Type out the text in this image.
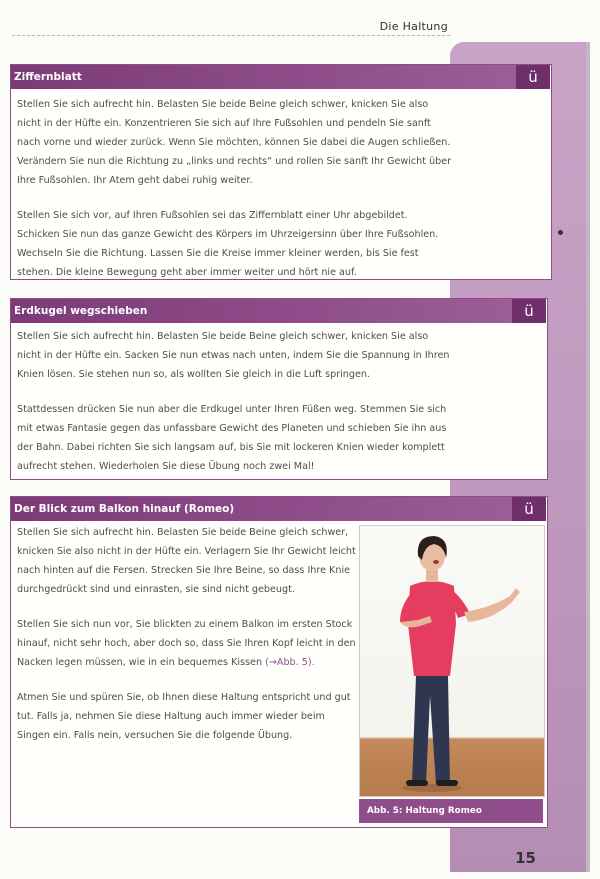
Die Haltung
Ziffernblatt	ü

Stellen Sie sich aufrecht hin. Belasten Sie beide Beine gleich schwer, knicken Sie also nicht in der Hüfte ein. Konzentrieren Sie sich auf Ihre Fußsohlen und pendeln Sie sanft nach vorne und wieder zurück. Wenn Sie möchten, können Sie dabei die Augen schließen. Verändern Sie nun die Richtung zu „links und rechts“ und rollen Sie sanft Ihr Gewicht über Ihre Fußsohlen. Ihr Atem geht dabei ruhig weiter.

Stellen Sie sich vor, auf Ihren Fußsohlen sei das Ziffernblatt einer Uhr abgebildet. Schicken Sie nun das ganze Gewicht des Körpers im Uhrzeigersinn über Ihre Fußsohlen. Wechseln Sie die Richtung. Lassen Sie die Kreise immer kleiner werden, bis Sie fest stehen. Die kleine Bewegung geht aber immer weiter und hört nie auf.

Erdkugel wegschieben	ü

Stellen Sie sich aufrecht hin. Belasten Sie beide Beine gleich schwer, knicken Sie also nicht in der Hüfte ein. Sacken Sie nun etwas nach unten, indem Sie die Spannung in Ihren Knien lösen. Sie stehen nun so, als wollten Sie gleich in die Luft springen.

Stattdessen drücken Sie nun aber die Erdkugel unter Ihren Füßen weg. Stemmen Sie sich mit etwas Fantasie gegen das unfassbare Gewicht des Planeten und schieben Sie ihn aus der Bahn. Dabei richten Sie sich langsam auf, bis Sie mit lockeren Knien wieder komplett aufrecht stehen. Wiederholen Sie diese Übung noch zwei Mal!

Der Blick zum Balkon hinauf (Romeo)	ü

Stellen Sie sich aufrecht hin. Belasten Sie beide Beine gleich schwer, knicken Sie also nicht in der Hüfte ein. Verlagern Sie Ihr Gewicht leicht nach hinten auf die Fersen. Strecken Sie Ihre Beine, so dass Ihre Knie durchgedrückt sind und einrasten, sie sind nicht gebeugt.

Stellen Sie sich nun vor, Sie blickten zu einem Balkon im ersten Stock hinauf, nicht sehr hoch, aber doch so, dass Sie Ihren Kopf leicht in den Nacken legen müssen, wie in ein bequemes Kissen (→Abb. 5).

Atmen Sie und spüren Sie, ob Ihnen diese Haltung entspricht und gut tut. Falls ja, nehmen Sie diese Haltung auch immer wieder beim Singen ein. Falls nein, versuchen Sie die folgende Übung.

Abb. 5: Haltung Romeo
15
